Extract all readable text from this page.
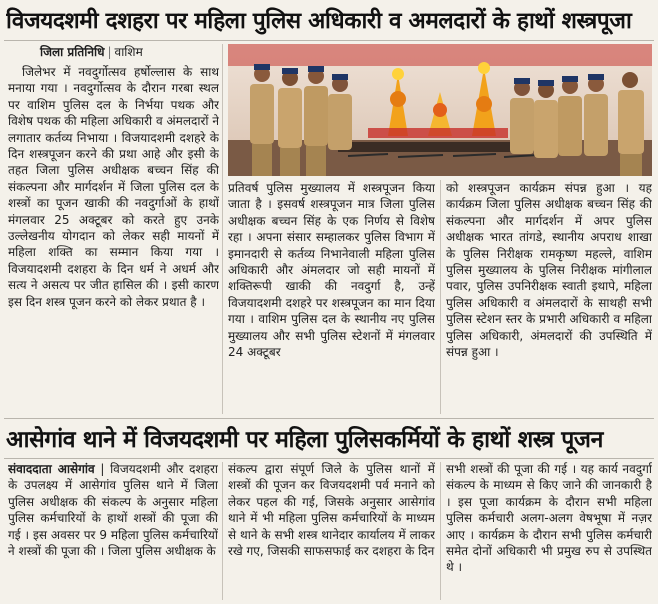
विजयदशमी दशहरा पर महिला पुलिस अधिकारी व अमलदारों के हाथों शस्त्रपूजा
जिला प्रतिनिधि | वाशिम

जिलेभर में नवदुर्गोत्सव हर्षोल्लास के साथ मनाया गया । नवदुर्गोत्सव के दौरान गरबा स्थल पर वाशिम पुलिस दल के निर्भया पथक और विशेष पथक की महिला अधिकारी व अंमलदारों ने लगातार कर्तव्य निभाया । विजयादशमी दशहरे के दिन शस्त्रपूजन करने की प्रथा आहे और इसी के तहत जिला पुलिस अधीक्षक बच्चन सिंह की संकल्पना और मार्गदर्शन में जिला पुलिस दल के शस्त्रों का पूजन खाकी की नवदुर्गाओं के हाथों मंगलवार 25 अक्टूबर को करते हुए उनके उल्लेखनीय योगदान को लेकर सही मायनों में महिला शक्ति का सम्मान किया गया । विजयादशमी दशहरा के दिन धर्म ने अधर्म और सत्य ने असत्य पर जीत हासिल की । इसी कारण इस दिन शस्त्र पूजन करने को लेकर प्रथात है ।

प्रतिवर्ष पुलिस मुख्यालय में शस्त्रपूजन किया जाता है । इसवर्ष शस्त्रपूजन मात्र जिला पुलिस अधीक्षक बच्चन सिंह के एक निर्णय से विशेष रहा । अपना संसार सम्हालकर पुलिस विभाग में इमानदारी से कर्तव्य निभानेवाली महिला पुलिस अधिकारी और अंमलदार जो सही मायनों में शक्तिरूपी खाकी की नवदुर्गा है, उन्हें विजयादशमी दशहरे पर शस्त्रपूजन का मान दिया गया । वाशिम पुलिस दल के स्थानीय नए पुलिस मुख्यालय और सभी पुलिस स्टेशनों में मंगलवार 24 अक्टूबर

को शस्त्रपूजन कार्यक्रम संपन्न हुआ । यह कार्यक्रम जिला पुलिस अधीक्षक बच्चन सिंह की संकल्पना और मार्गदर्शन में अपर पुलिस अधीक्षक भारत तांगडे, स्थानीय अपराध शाखा के पुलिस निरीक्षक रामकृष्ण महल्ले, वाशिम पुलिस मुख्यालय के पुलिस निरीक्षक मांगीलाल पवार, पुलिस उपनिरीक्षक स्वाती इथापे, महिला पुलिस अधिकारी व अंमलदारों के साथही सभी पुलिस स्टेशन स्तर के प्रभारी अधिकारी व महिला पुलिस अधिकारी, अंमलदारों की उपस्थिति में संपन्न हुआ ।

आसेगांव थाने में विजयदशमी पर महिला पुलिसकर्मियों के हाथों शस्त्र पूजन

संवाददाता आसेगांव | विजयदशमी और दशहरा के उपलक्ष्य में आसेगांव पुलिस थाने में जिला पुलिस अधीक्षक की संकल्प के अनुसार महिला पुलिस कर्मचारियों के हाथों शस्त्रों की पूजा की गई । इस अवसर पर 9 महिला पुलिस कर्मचारियों ने शस्त्रों की पूजा की । जिला पुलिस अधीक्षक के

संकल्प द्वारा संपूर्ण जिले के पुलिस थानों में शस्त्रों की पूजन कर विजयदशमी पर्व मनाने को लेकर पहल की गई, जिसके अनुसार आसेगांव थाने में भी महिला पुलिस कर्मचारियों के माध्यम से थाने के सभी शस्त्र थानेदार कार्यालय में लाकर रखे गए, जिसकी साफसफाई कर दशहरा के दिन

सभी शस्त्रों की पूजा की गई । यह कार्य नवदुर्गा संकल्प के माध्यम से किए जाने की जानकारी है । इस पूजा कार्यक्रम के दौरान सभी महिला पुलिस कर्मचारी अलग-अलग वेषभूषा में नज़र आए । कार्यक्रम के दौरान सभी पुलिस कर्मचारी समेत दोनों अधिकारी भी प्रमुख रुप से उपस्थित थे ।
